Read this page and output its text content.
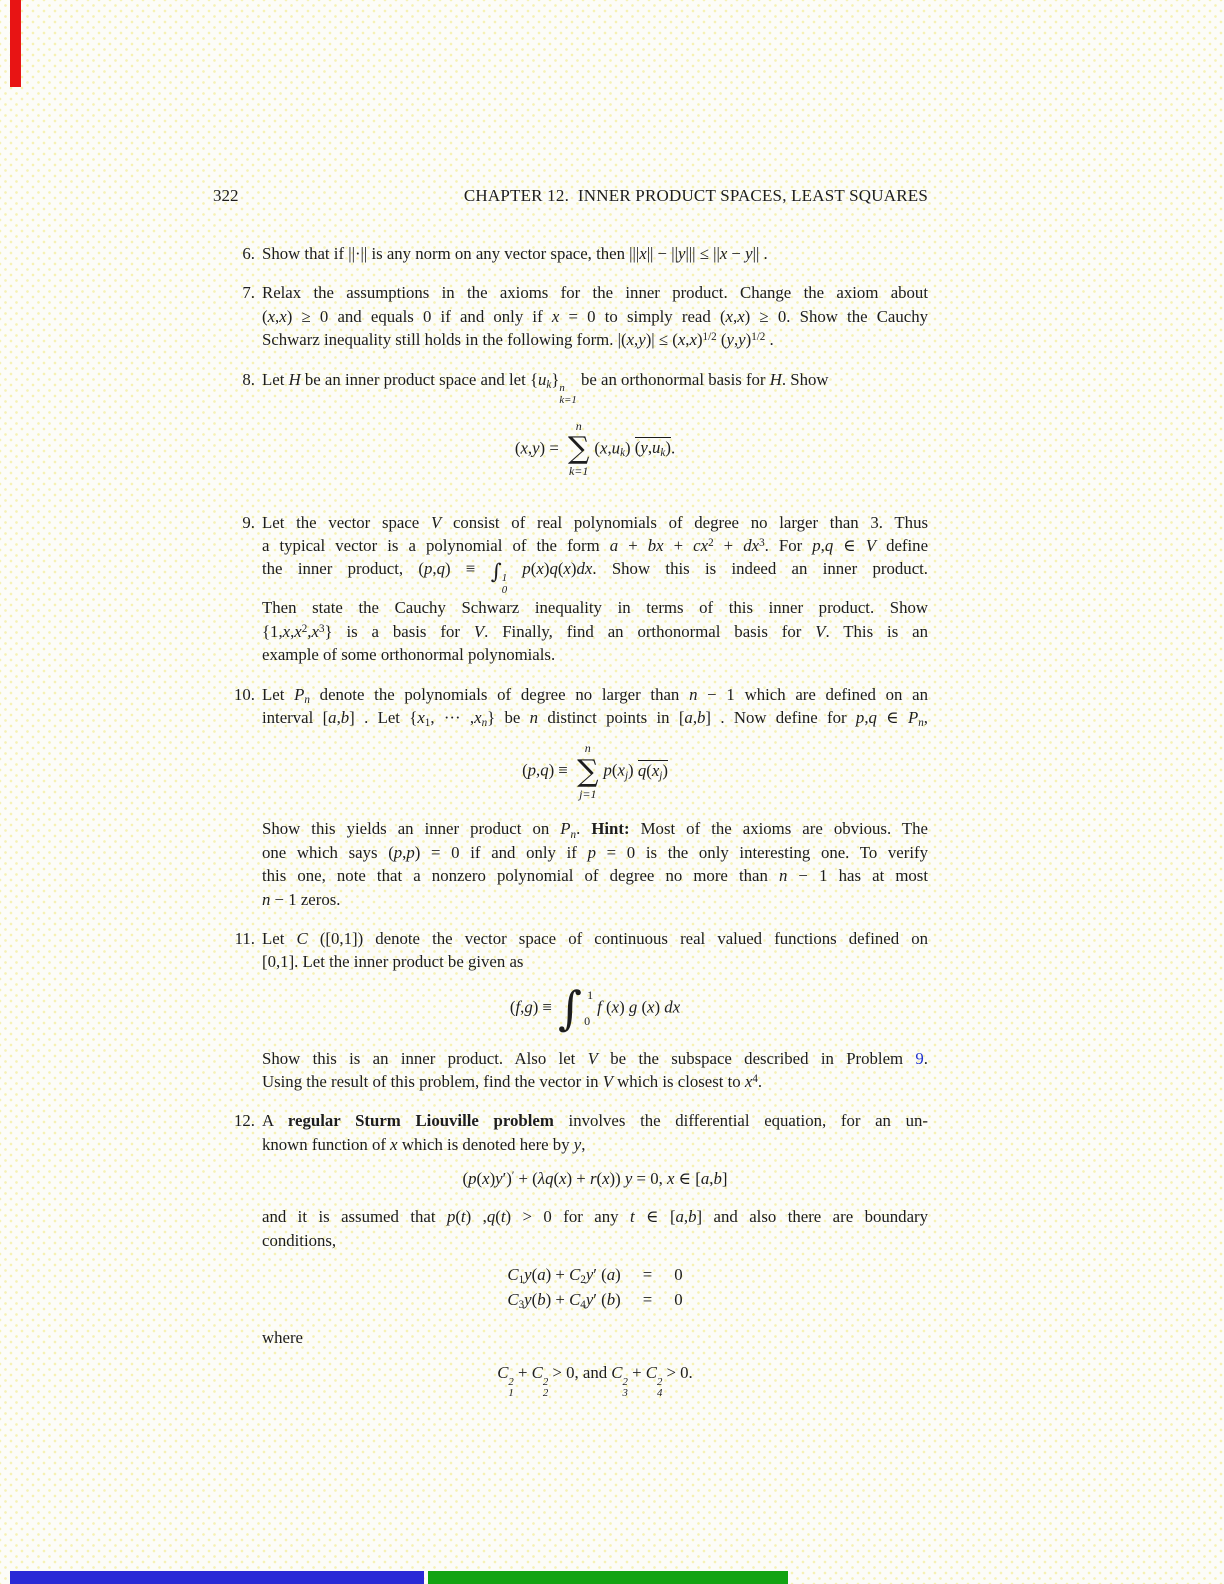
322	CHAPTER 12.  INNER PRODUCT SPACES, LEAST SQUARES
6. Show that if ||·|| is any norm on any vector space, then |||x|| − ||y||| ≤ ||x − y|| .
7. Relax the assumptions in the axioms for the inner product. Change the axiom about
(x,x) ≥ 0 and equals 0 if and only if x = 0 to simply read (x,x) ≥ 0. Show the Cauchy
Schwarz inequality still holds in the following form. $|(x,y)| \le (x,x)^{1/2}$ $(y,y)^{1/2}$ .
8. Let H be an inner product space and let {uk} n
k=1
be an orthonormal basis for H. Show
(x,y) =
n
∑
k=1
(x,uk) (y,uk).
9. Let the vector space V consist of real polynomials of degree no larger than 3. Thus
a typical vector is a polynomial of the form a + bx + $cx^2 + dx^3$. For p,q ∈ V define
the inner product, (p,q) ≡ ∫ 1
0
p(x)q(x)dx. Show this is indeed an inner product.
Then state the Cauchy Schwarz inequality in terms of this inner product. Show
$\{1,x,x^2,x^3\}$ is a basis for V. Finally, find an orthonormal basis for V. This is an
example of some orthonormal polynomials.
10. Let Pn denote the polynomials of degree no larger than n − 1 which are defined on an
interval [a,b] . Let {x1, ··· ,xn} be n distinct points in [a,b] . Now define for p,q ∈ Pn,
(p,q) ≡
n
∑
j=1
p(xj) q(xj)
Show this yields an inner product on Pn. Hint: Most of the axioms are obvious. The
one which says (p,p) = 0 if and only if p = 0 is the only interesting one. To verify
this one, note that a nonzero polynomial of degree no more than n − 1 has at most
n − 1 zeros.
11. Let C ([0,1]) denote the vector space of continuous real valued functions defined on
[0,1]. Let the inner product be given as
(f,g) ≡ ∫ 1
0
f (x) g (x) dx
Show this is an inner product. Also let V be the subspace described in Problem 9.
Using the result of this problem, find the vector in V which is closest to $x^4$.
12. A regular Sturm Liouville problem involves the differential equation, for an un-
known function of x which is denoted here by y,
(p(x)y′)′ + (λq(x) + r(x)) y = 0, x ∈ [a,b]
and it is assumed that p(t) ,q(t) > 0 for any t ∈ [a,b] and also there are boundary
conditions,
C1y(a) + C2y′ (a) = 0
C3y(b) + C4y′ (b) = 0
where
C 2
1
+ C 2
2
> 0, and C 2
3
+ C 2
4
> 0.
